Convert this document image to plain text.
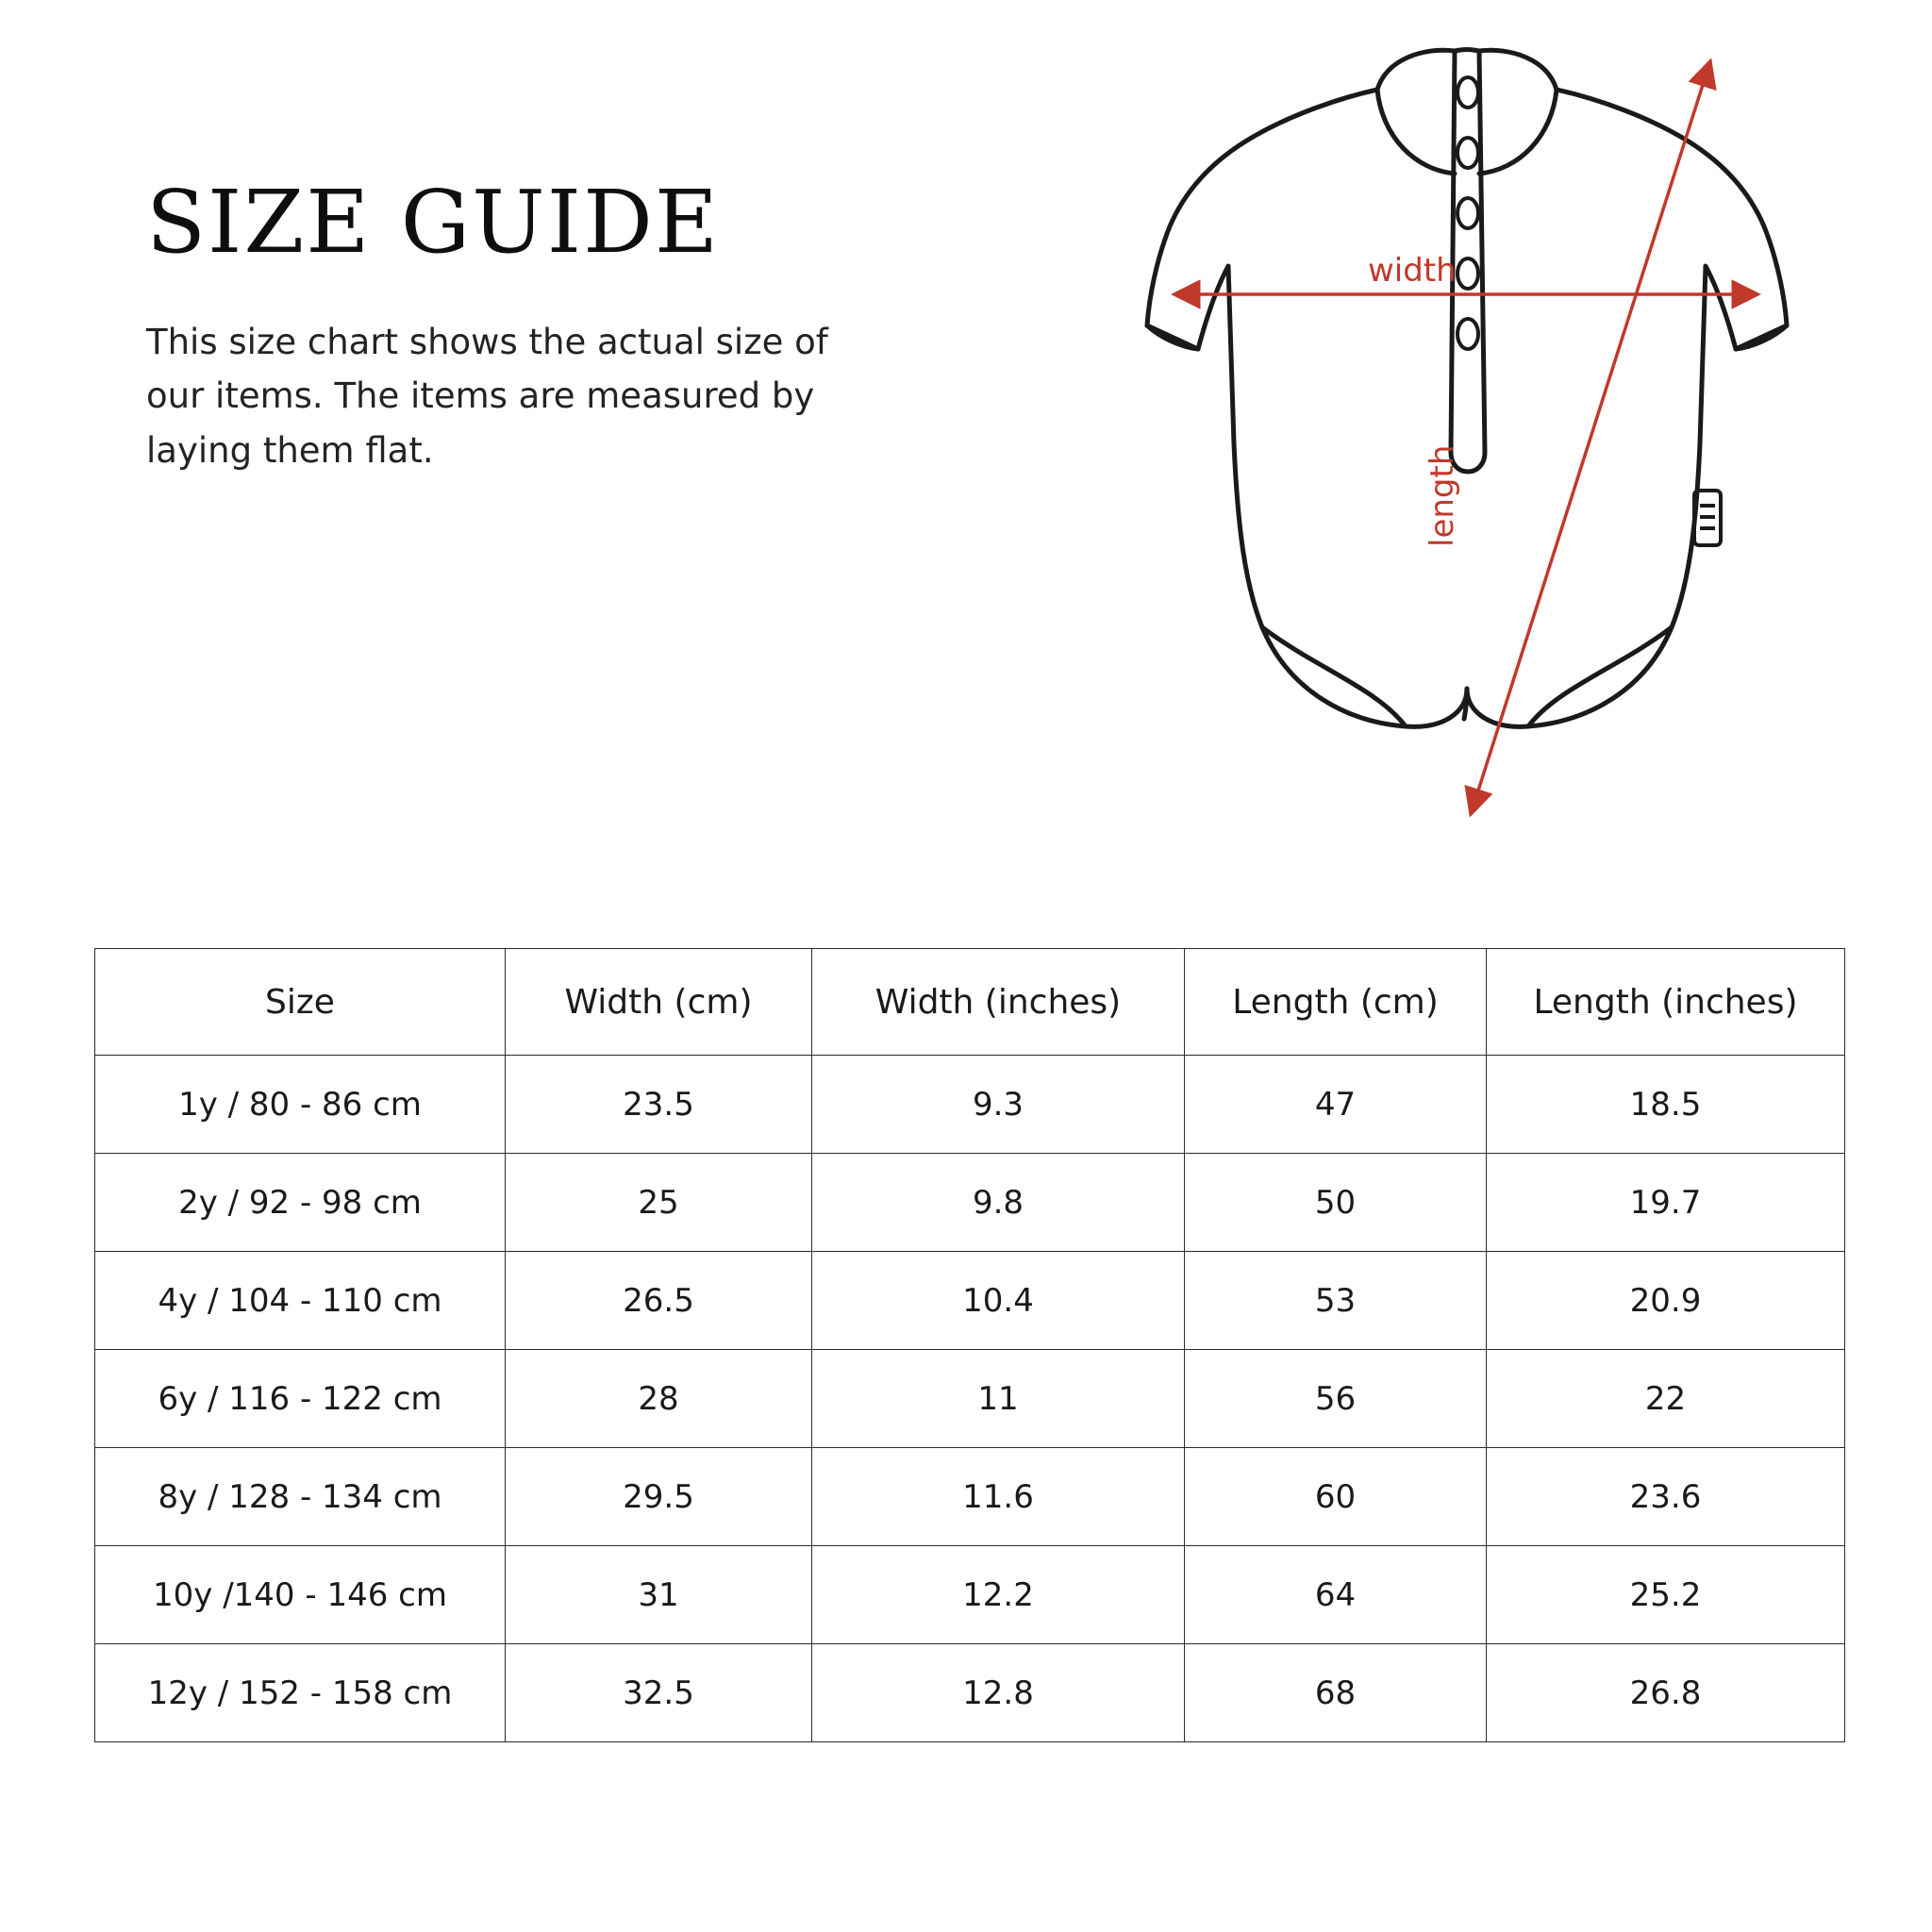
SIZE GUIDE

This size chart shows the actual size of our items. The items are measured by laying them flat.

width
length
Size	Width (cm)	Width (inches)	Length (cm)	Length (inches)
1y / 80 - 86 cm	23.5	9.3	47	18.5
2y / 92 - 98 cm	25	9.8	50	19.7
4y / 104 - 110 cm	26.5	10.4	53	20.9
6y / 116 - 122 cm	28	11	56	22
8y / 128 - 134 cm	29.5	11.6	60	23.6
10y /140 - 146 cm	31	12.2	64	25.2
12y / 152 - 158 cm	32.5	12.8	68	26.8
